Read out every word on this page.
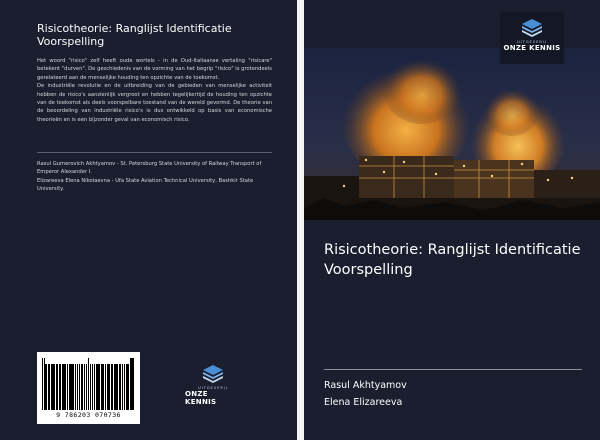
Risicotheorie: Ranglijst Identificatie Voorspelling

Het woord "risico" zelf heeft oude wortels - in de Oud-Italiaanse vertaling "risicare" betekent "durven". De geschiedenis van de vorming van het begrip "risico" is grotendeels gerelateerd aan de menselijke houding ten opzichte van de toekomst.

De industriële revolutie en de uitbreiding van de gebieden van menselijke activiteit hebben de risico's aanzienlijk vergroot en hebben tegelijkertijd de houding ten opzichte van de toekomst als deels voorspelbare toestand van de wereld gevormd. De theorie van de beoordeling van industriële risico's is dus ontwikkeld op basis van economische theorieën en is een bijzonder geval van economisch risico.

Rasul Gumerovich Akhtyamov - St. Petersburg State University of Railway Transport of Emperor Alexander I.

Elizareeva Elena Nikolaevna - Ufa State Aviation Technical University, Bashkir State University.

9 786203 070736
UITGEVERIJ
ONZE KENNIS
UITGEVERIJ
ONZE KENNIS
Risicotheorie: Ranglijst Identificatie Voorspelling
Rasul Akhtyamov
Elena Elizareeva
